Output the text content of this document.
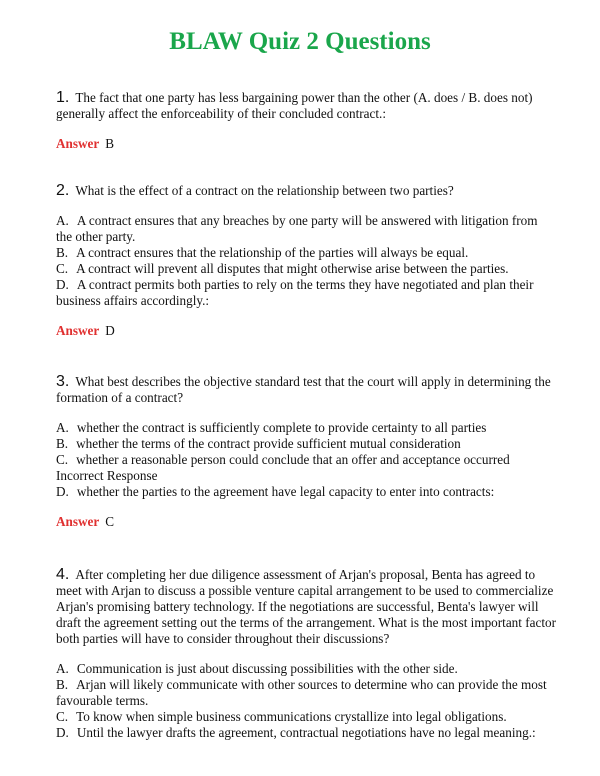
BLAW Quiz 2 Questions

1. The fact that one party has less bargaining power than the other (A. does / B. does not) generally affect the enforceability of their concluded contract.:

Answer B

2. What is the effect of a contract on the relationship between two parties?

A. A contract ensures that any breaches by one party will be answered with litigation from the other party.
B. A contract ensures that the relationship of the parties will always be equal.
C. A contract will prevent all disputes that might otherwise arise between the parties.
D. A contract permits both parties to rely on the terms they have negotiated and plan their business affairs accordingly.:

Answer D

3. What best describes the objective standard test that the court will apply in determining the formation of a contract?

A. whether the contract is sufficiently complete to provide certainty to all parties
B. whether the terms of the contract provide sufficient mutual consideration
C. whether a reasonable person could conclude that an offer and acceptance occurred Incorrect Response
D. whether the parties to the agreement have legal capacity to enter into contracts:

Answer C

4. After completing her due diligence assessment of Arjan's proposal, Benta has agreed to meet with Arjan to discuss a possible venture capital arrangement to be used to commercialize Arjan's promising battery technology. If the negotiations are successful, Benta's lawyer will draft the agreement setting out the terms of the arrangement. What is the most important factor both parties will have to consider throughout their discussions?

A. Communication is just about discussing possibilities with the other side.
B. Arjan will likely communicate with other sources to determine who can provide the most favourable terms.
C. To know when simple business communications crystallize into legal obligations.
D. Until the lawyer drafts the agreement, contractual negotiations have no legal meaning.:
